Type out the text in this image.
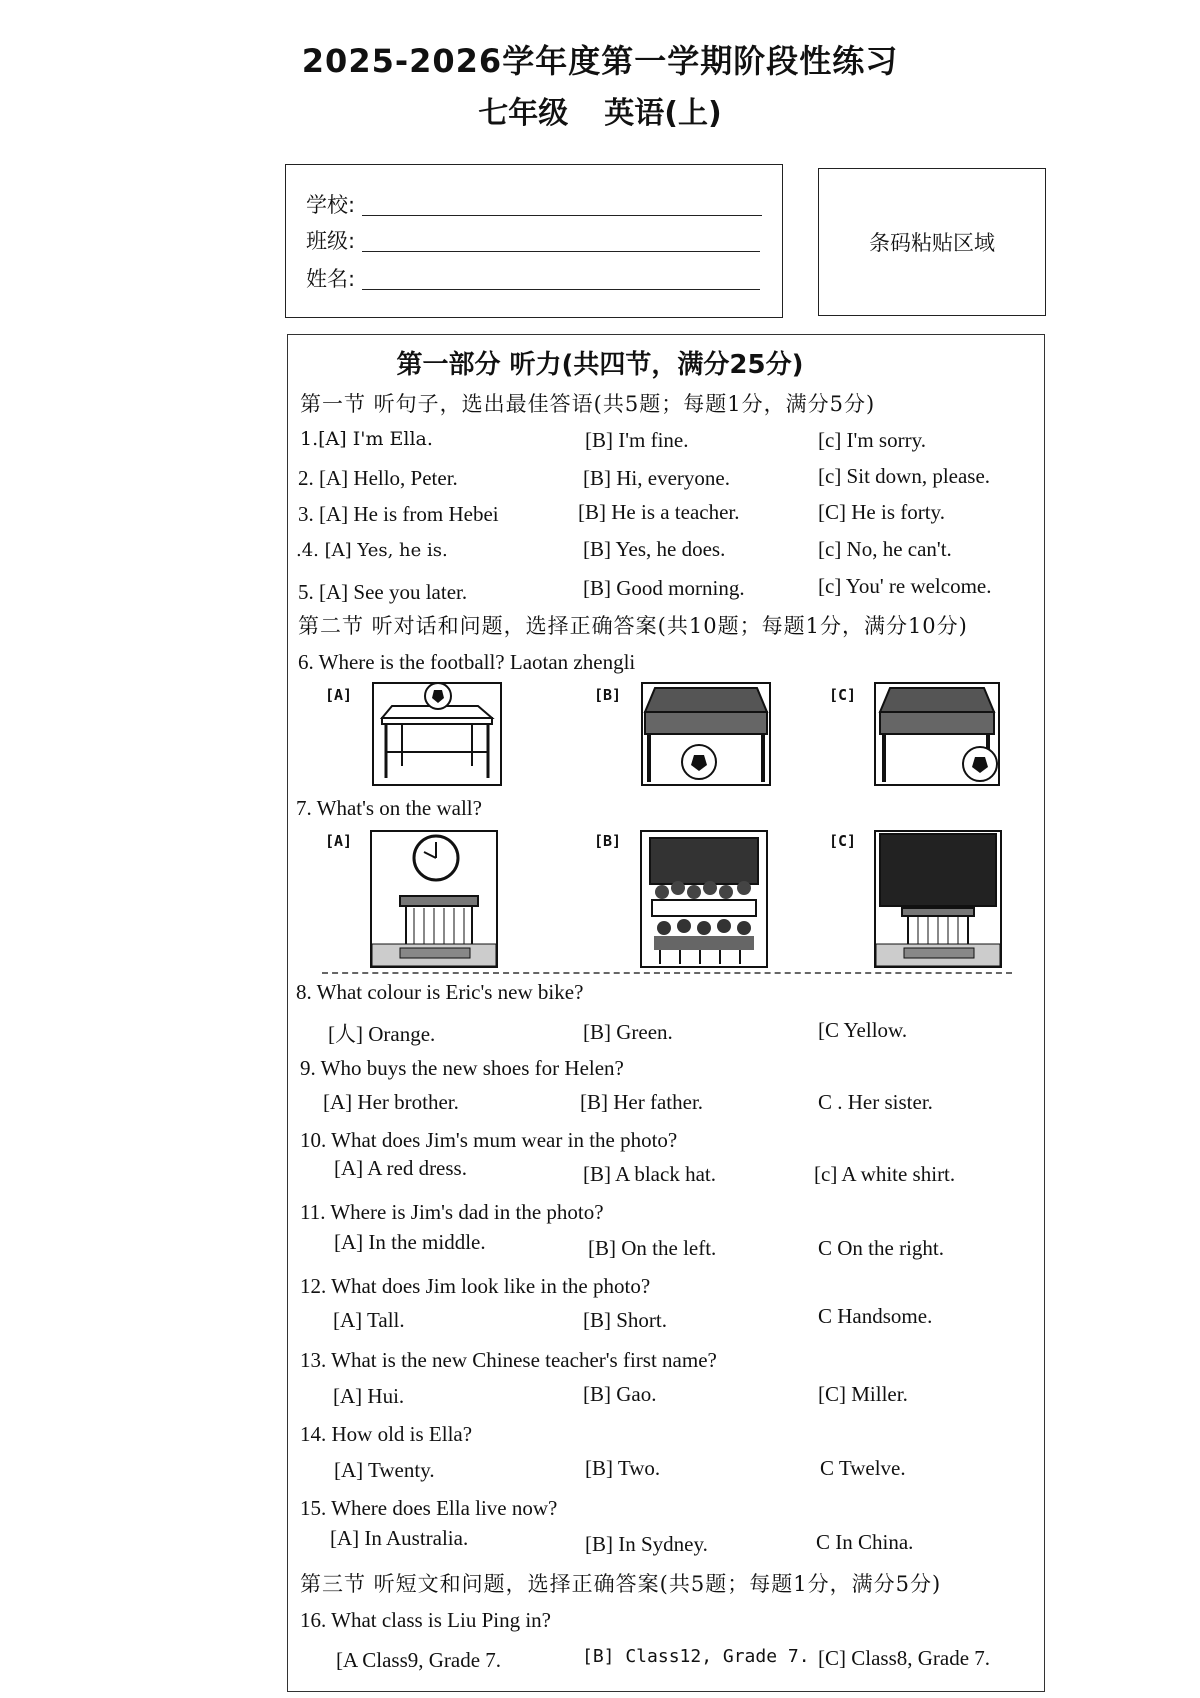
2025-2026学年度第一学期阶段性练习
七年级 英语(上)
学校:
班级:
姓名:
条码粘贴区域
第一部分 听力(共四节，满分25分)
第一节 听句子，选出最佳答语(共5题；每题1分，满分5分)
1.[A] I'm Ella.	[B] I'm fine.	[c] I'm sorry.
2. [A] Hello, Peter.	[B] Hi, everyone.	[c] Sit down, please.
3. [A] He is from Hebei	[B] He is a teacher.	[C] He is forty.
.4. [A] Yes, he is.	[B] Yes, he does.	[c] No, he can't.
5. [A] See you later.	[B] Good morning.	[c] You' re welcome.
第二节 听对话和问题，选择正确答案(共10题；每题1分，满分10分)
6. Where is the football? Laotan zhengli
[A]	[B]	[C]
7. What's on the wall?
[A]	[B]	[C]
8. What colour is Eric's new bike?
[人] Orange.	[B] Green.	[C Yellow.
9. Who buys the new shoes for Helen?
[A] Her brother.	[B] Her father.	C . Her sister.
10. What does Jim's mum wear in the photo?
[A] A red dress.	[B] A black hat.	[c] A white shirt.
11. Where is Jim's dad in the photo?
[A] In the middle.	[B] On the left.	C On the right.
12. What does Jim look like in the photo?
[A] Tall.	[B] Short.	C Handsome.
13. What is the new Chinese teacher's first name?
[A] Hui.	[B] Gao.	[C] Miller.
14. How old is Ella?
[A] Twenty.	[B] Two.	C Twelve.
15. Where does Ella live now?
[A] In Australia.	[B] In Sydney.	C In China.
第三节 听短文和问题，选择正确答案(共5题；每题1分，满分5分)
16. What class is Liu Ping in?
[A Class9, Grade 7.	[B] Class12, Grade 7. [C] Class8, Grade 7.
